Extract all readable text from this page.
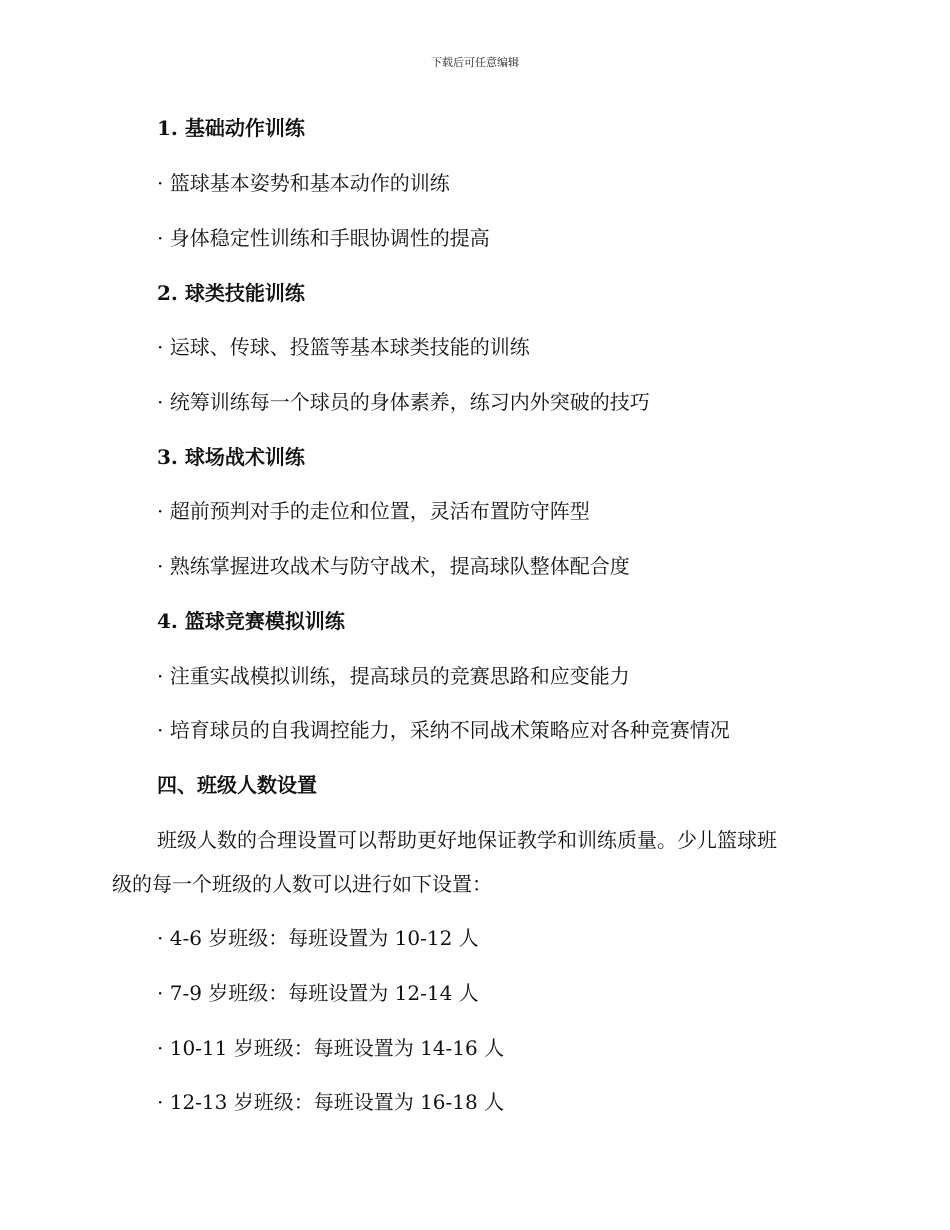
下载后可任意编辑
1. 基础动作训练
· 篮球基本姿势和基本动作的训练
· 身体稳定性训练和手眼协调性的提高
2. 球类技能训练
· 运球、传球、投篮等基本球类技能的训练
· 统筹训练每一个球员的身体素养，练习内外突破的技巧
3. 球场战术训练
· 超前预判对手的走位和位置，灵活布置防守阵型
· 熟练掌握进攻战术与防守战术，提高球队整体配合度
4. 篮球竞赛模拟训练
· 注重实战模拟训练，提高球员的竞赛思路和应变能力
· 培育球员的自我调控能力，采纳不同战术策略应对各种竞赛情况
四、班级人数设置
班级人数的合理设置可以帮助更好地保证教学和训练质量。少儿篮球班
级的每一个班级的人数可以进行如下设置：
· 4-6 岁班级：每班设置为 10-12 人
· 7-9 岁班级：每班设置为 12-14 人
· 10-11 岁班级：每班设置为 14-16 人
· 12-13 岁班级：每班设置为 16-18 人
